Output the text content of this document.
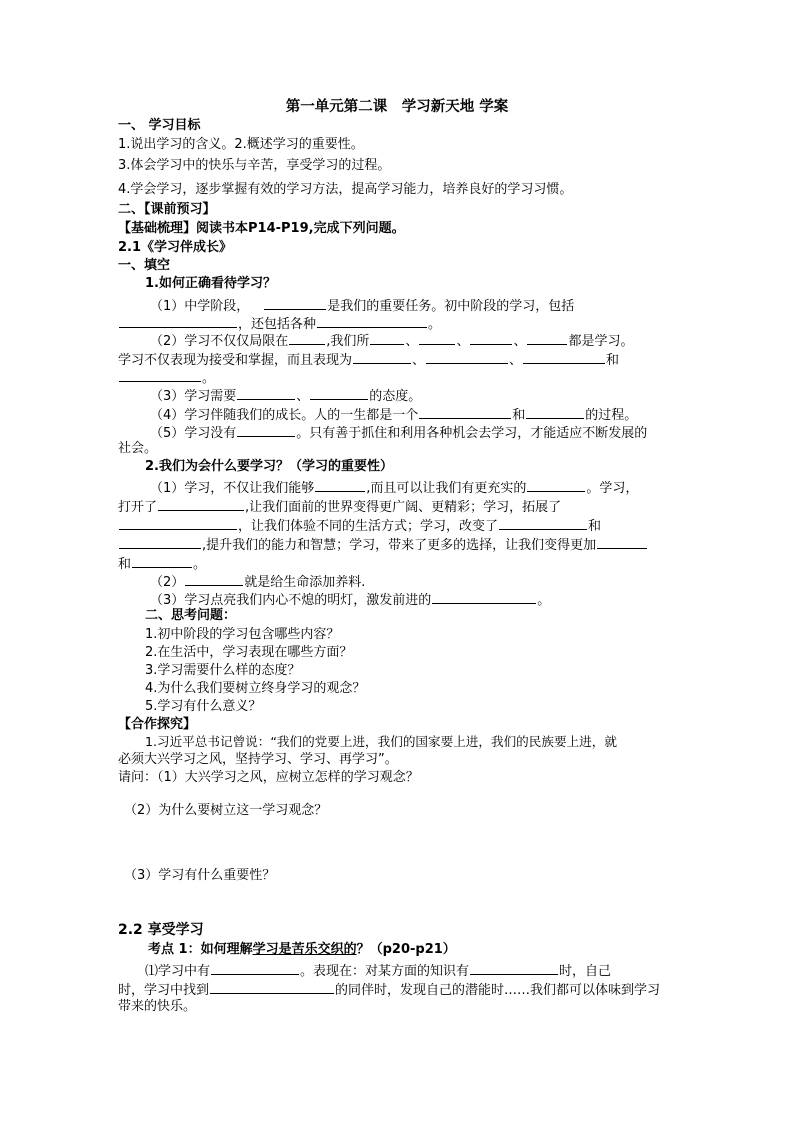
第一单元第二课　学习新天地 学案
一、 学习目标
1.说出学习的含义。2.概述学习的重要性。
3.体会学习中的快乐与辛苦，享受学习的过程。
4.学会学习，逐步掌握有效的学习方法，提高学习能力，培养良好的学习习惯。
二、【课前预习】
【基础梳理】阅读书本P14-P19,完成下列问题。
2.1《学习伴成长》
一、填空
1.如何正确看待学习？
（1）中学阶段，	是我们的重要任务。初中阶段的学习，包括
，还包括各种	。
（2）学习不仅仅局限在	,我们所	、	、	、	都是学习。
学习不仅表现为接受和掌握，而且表现为	、	、	和
。
（3）学习需要	、	的态度。
（4）学习伴随我们的成长。人的一生都是一个	和	的过程。
（5）学习没有	。只有善于抓住和利用各种机会去学习，才能适应不断发展的
社会。
2.我们为会什么要学习？（学习的重要性）
（1）学习，不仅让我们能够	,而且可以让我们有更充实的	。学习，
打开了	,让我们面前的世界变得更广阔、更精彩；学习，拓展了
，让我们体验不同的生活方式；学习，改变了	和
,提升我们的能力和智慧；学习，带来了更多的选择，让我们变得更加
和	。
（2）	就是给生命添加养料.
（3）学习点亮我们内心不熄的明灯，激发前进的	。
二、思考问题：
1.初中阶段的学习包含哪些内容？
2.在生活中，学习表现在哪些方面？
3.学习需要什么样的态度？
4.为什么我们要树立终身学习的观念？
5.学习有什么意义？
【合作探究】
1.习近平总书记曾说：“我们的党要上进，我们的国家要上进，我们的民族要上进，就
必须大兴学习之风，坚持学习、学习、再学习”。
请问：（1）大兴学习之风，应树立怎样的学习观念？
（2）为什么要树立这一学习观念？
（3）学习有什么重要性？
2.2 享受学习
考点 1：如何理解学习是苦乐交织的？（p20-p21）
⑴学习中有	。表现在：对某方面的知识有	时，自己
时，学习中找到	的同伴时，发现自己的潜能时……我们都可以体味到学习
带来的快乐。
